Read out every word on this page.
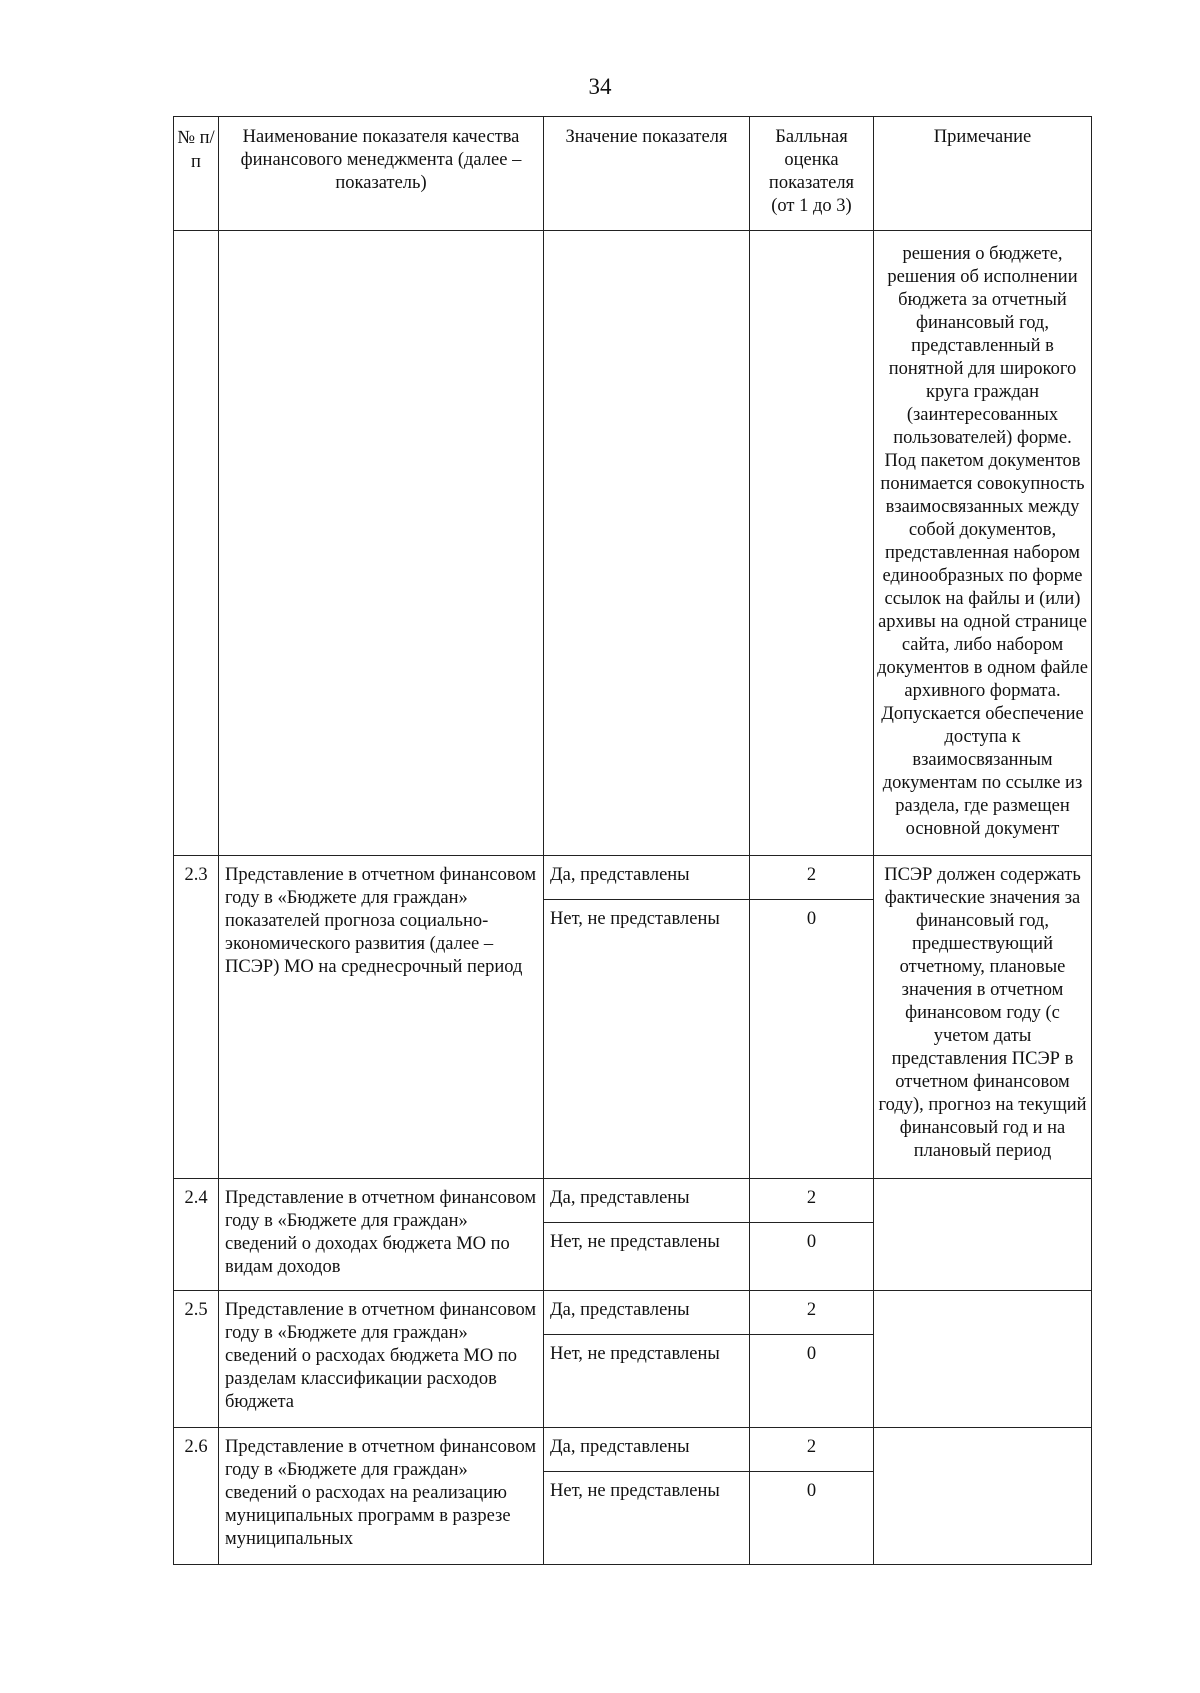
34
№ п/п	Наименование показателя качества финансового менеджмента (далее – показатель)	Значение показателя	Балльная оценка показателя (от 1 до 3)	Примечание
				решения о бюджете, решения об исполнении бюджета за отчетный финансовый год, представленный в понятной для широкого круга граждан (заинтересованных пользователей) форме. Под пакетом документов понимается совокупность взаимосвязанных между собой документов, представленная набором единообразных по форме ссылок на файлы и (или) архивы на одной странице сайта, либо набором документов в одном файле архивного формата. Допускается обеспечение доступа к взаимосвязанным документам по ссылке из раздела, где размещен основной документ
2.3	Представление в отчетном финансовом году в «Бюджете для граждан» показателей прогноза социально-экономического развития (далее – ПСЭР) МО на среднесрочный период	Да, представлены	2	ПСЭР должен содержать фактические значения за финансовый год, предшествующий отчетному, плановые значения в отчетном финансовом году (с учетом даты представления ПСЭР в отчетном финансовом году), прогноз на текущий финансовый год и на плановый период
		Нет, не представлены	0	
2.4	Представление в отчетном финансовом году в «Бюджете для граждан» сведений о доходах бюджета МО по видам доходов	Да, представлены	2	
		Нет, не представлены	0	
2.5	Представление в отчетном финансовом году в «Бюджете для граждан» сведений о расходах бюджета МО по разделам классификации расходов бюджета	Да, представлены	2	
		Нет, не представлены	0	
2.6	Представление в отчетном финансовом году в «Бюджете для граждан» сведений о расходах на реализацию муниципальных программ в разрезе муниципальных	Да, представлены	2	
		Нет, не представлены	0	
